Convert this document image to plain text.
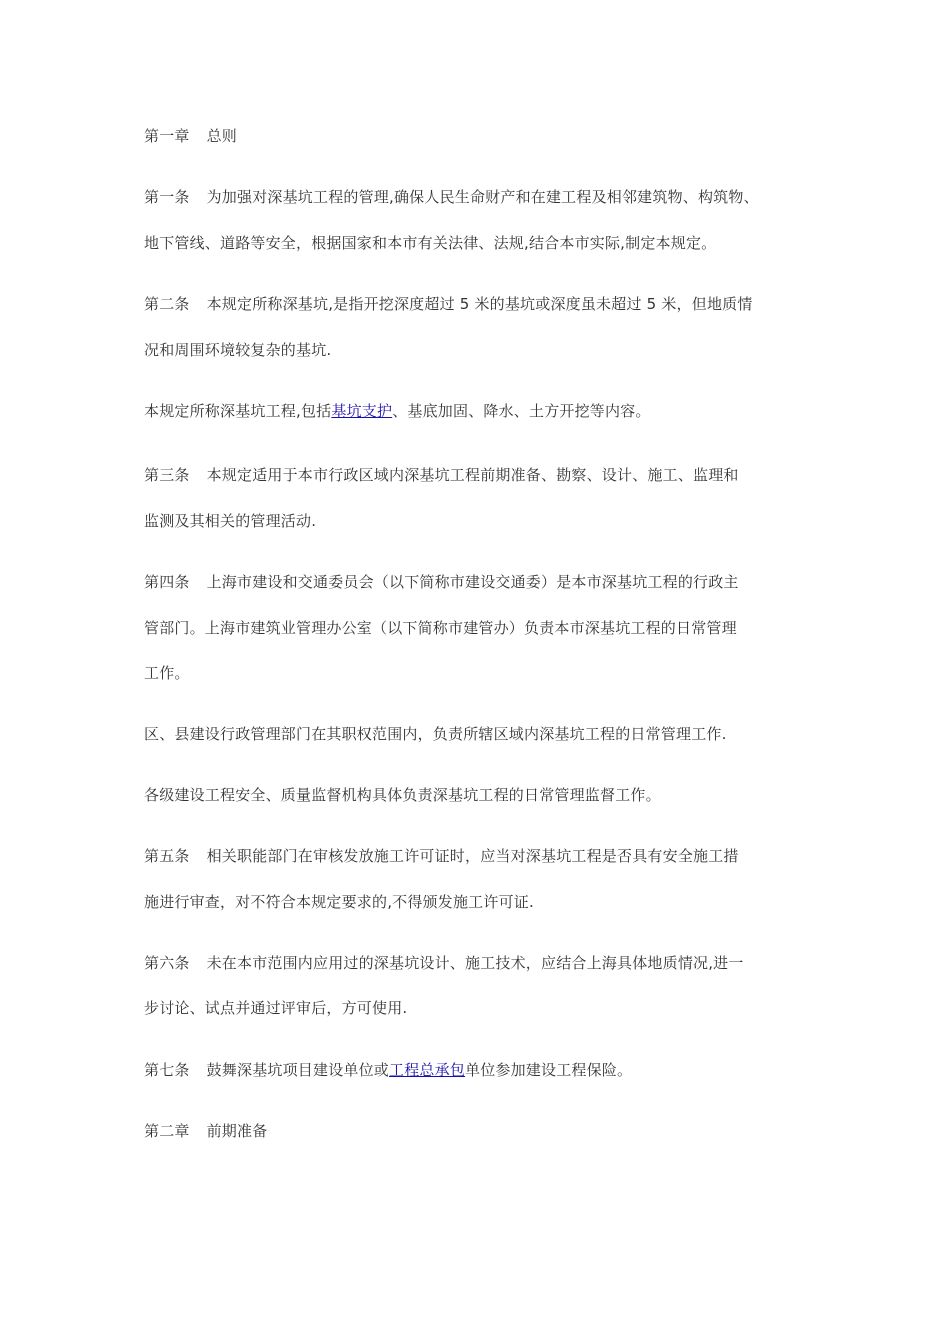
第一章 总则
第一条 为加强对深基坑工程的管理,确保人民生命财产和在建工程及相邻建筑物、构筑物、
地下管线、道路等安全，根据国家和本市有关法律、法规,结合本市实际,制定本规定。
第二条 本规定所称深基坑,是指开挖深度超过 5 米的基坑或深度虽未超过 5 米，但地质情
况和周围环境较复杂的基坑.
本规定所称深基坑工程,包括基坑支护、基底加固、降水、土方开挖等内容。
第三条 本规定适用于本市行政区域内深基坑工程前期准备、勘察、设计、施工、监理和
监测及其相关的管理活动.
第四条 上海市建设和交通委员会（以下简称市建设交通委）是本市深基坑工程的行政主
管部门。上海市建筑业管理办公室（以下简称市建管办）负责本市深基坑工程的日常管理
工作。
区、县建设行政管理部门在其职权范围内，负责所辖区域内深基坑工程的日常管理工作.
各级建设工程安全、质量监督机构具体负责深基坑工程的日常管理监督工作。
第五条 相关职能部门在审核发放施工许可证时，应当对深基坑工程是否具有安全施工措
施进行审查，对不符合本规定要求的,不得颁发施工许可证.
第六条 未在本市范围内应用过的深基坑设计、施工技术，应结合上海具体地质情况,进一
步讨论、试点并通过评审后，方可使用.
第七条 鼓舞深基坑项目建设单位或工程总承包单位参加建设工程保险。
第二章 前期准备
